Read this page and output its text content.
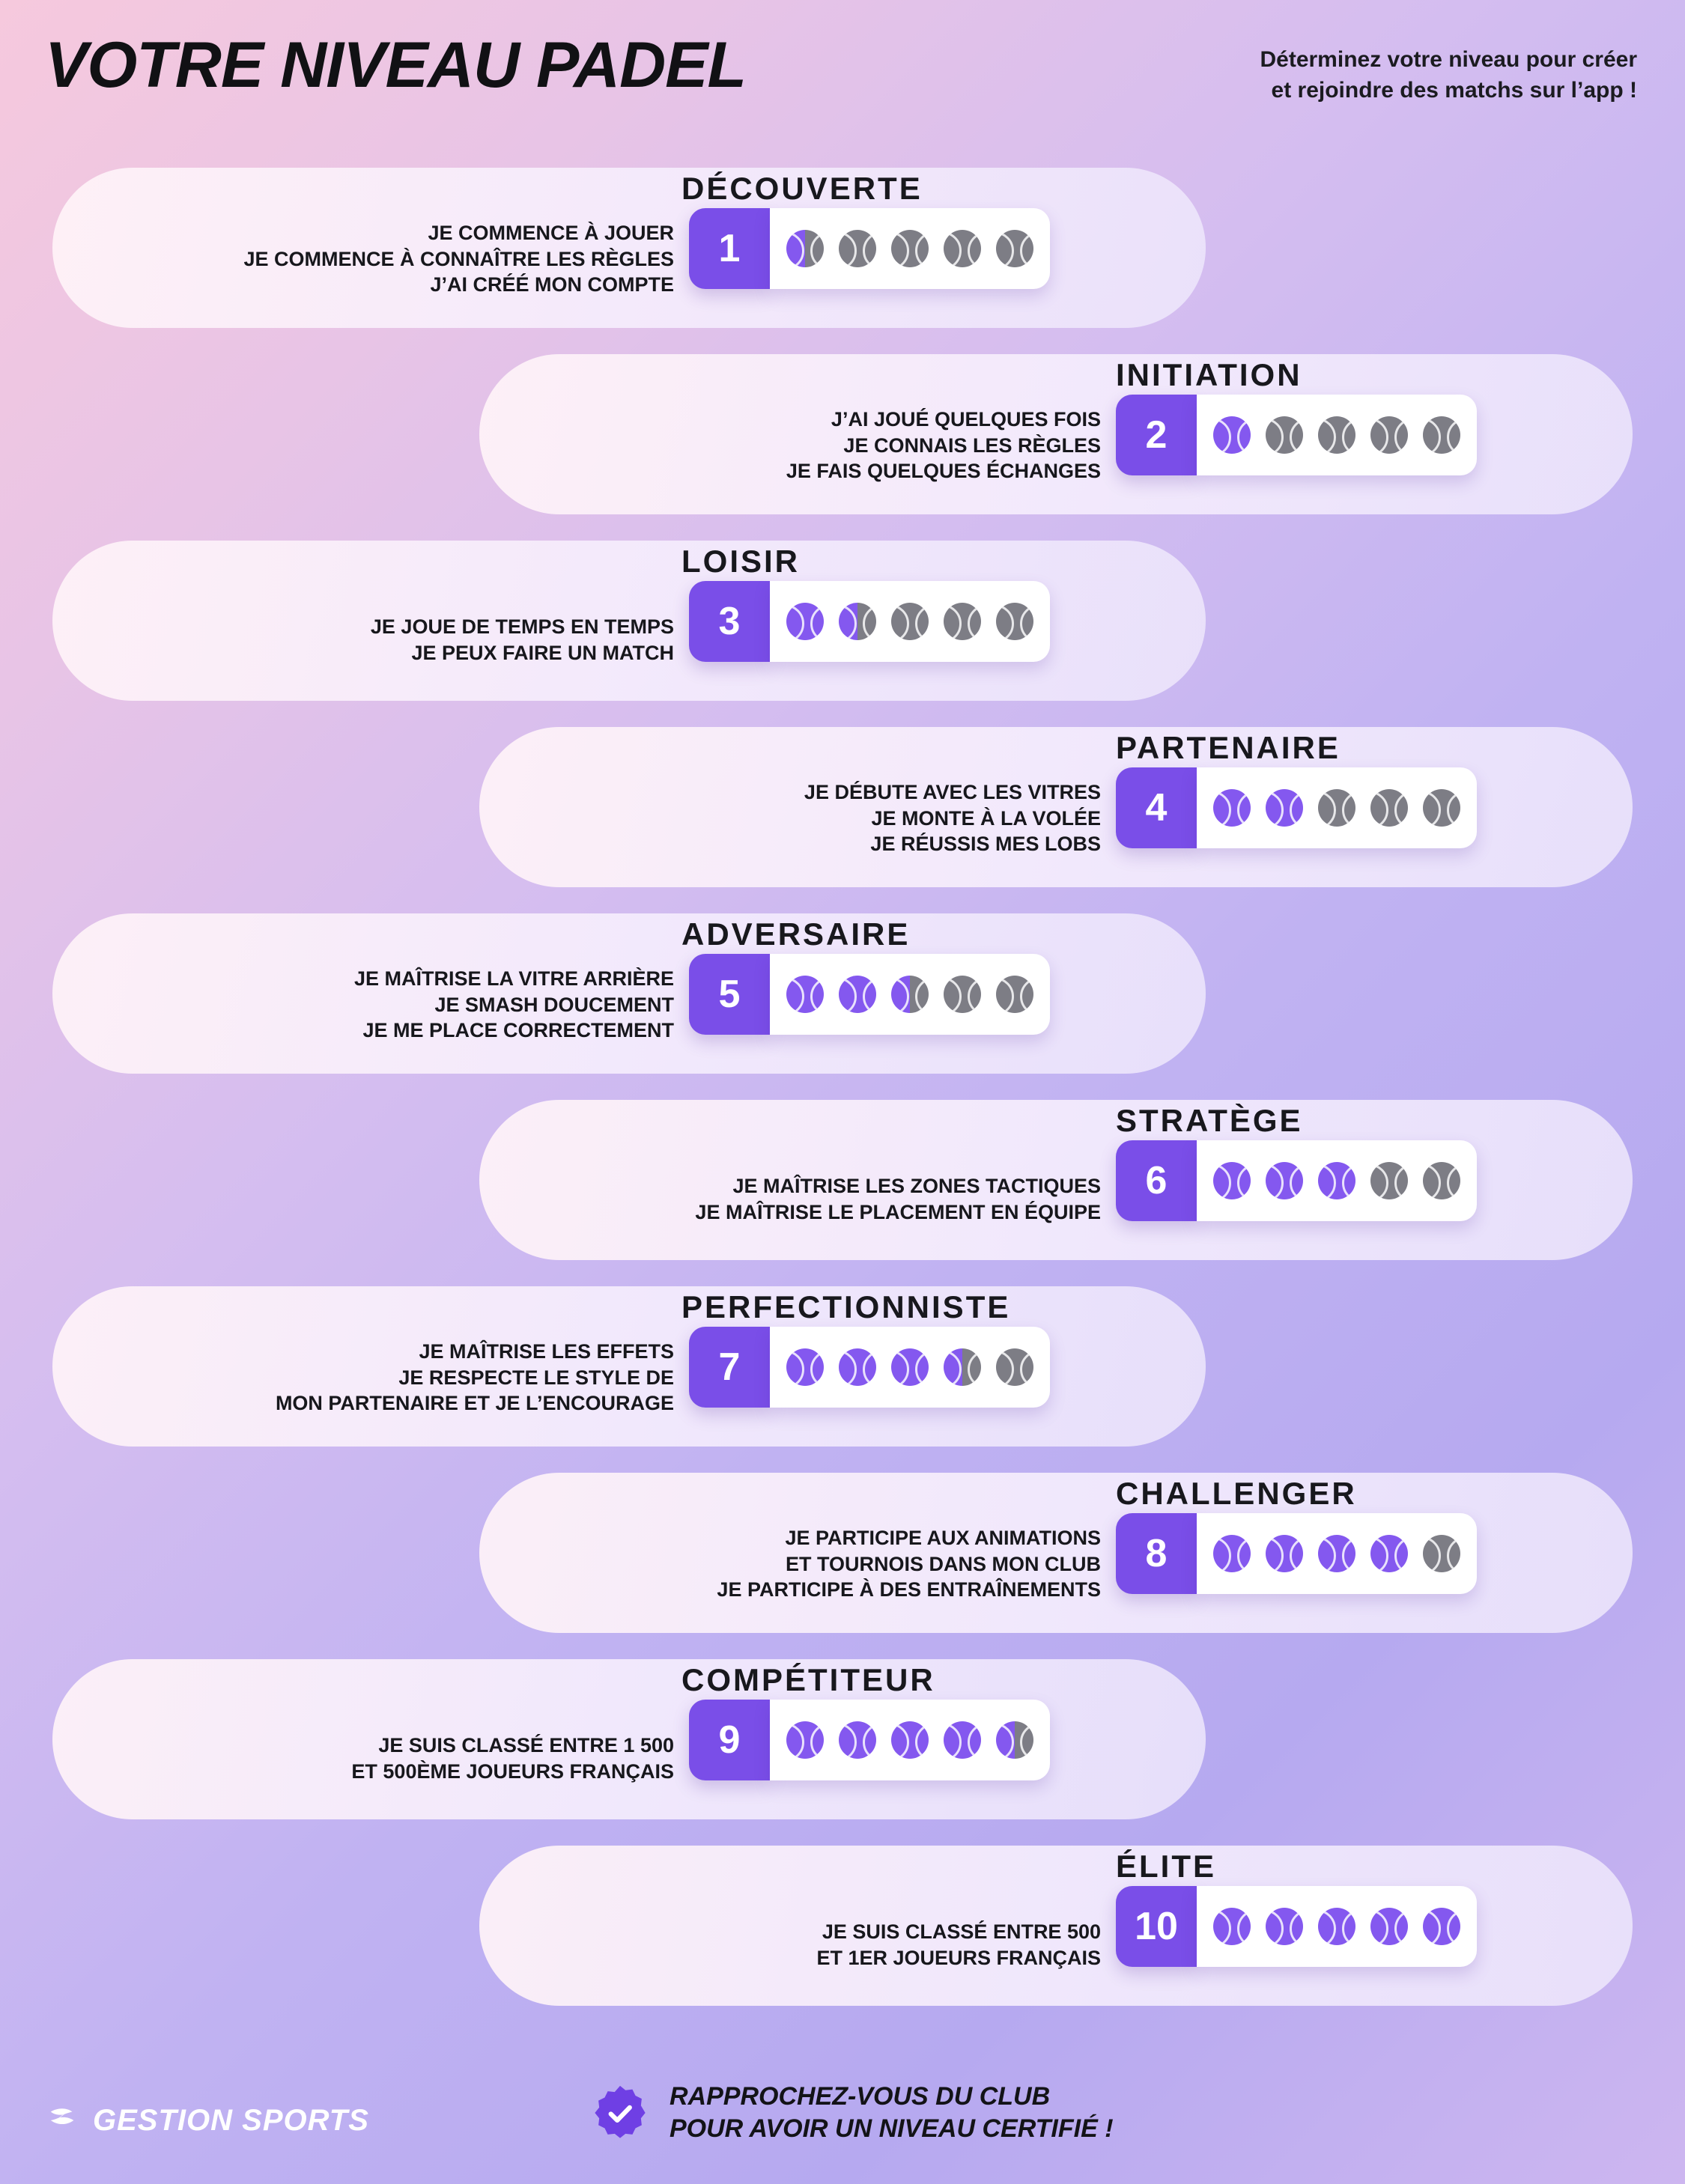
VOTRE NIVEAU PADEL	Déterminez votre niveau pour créer
et rejoindre des matchs sur l’app !
DÉCOUVERTE
JE COMMENCE À JOUER
JE COMMENCE À CONNAÎTRE LES RÈGLES
J’AI CRÉÉ MON COMPTE
1
INITIATION
J’AI JOUÉ QUELQUES FOIS
JE CONNAIS LES RÈGLES
JE FAIS QUELQUES ÉCHANGES
2
LOISIR
JE JOUE DE TEMPS EN TEMPS
JE PEUX FAIRE UN MATCH
3
PARTENAIRE
JE DÉBUTE AVEC LES VITRES
JE MONTE À LA VOLÉE
JE RÉUSSIS MES LOBS
4
ADVERSAIRE
JE MAÎTRISE LA VITRE ARRIÈRE
JE SMASH DOUCEMENT
JE ME PLACE CORRECTEMENT
5
STRATÈGE
JE MAÎTRISE LES ZONES TACTIQUES
JE MAÎTRISE LE PLACEMENT EN ÉQUIPE
6
PERFECTIONNISTE
JE MAÎTRISE LES EFFETS
JE RESPECTE LE STYLE DE
MON PARTENAIRE ET JE L’ENCOURAGE
7
CHALLENGER
JE PARTICIPE AUX ANIMATIONS
ET TOURNOIS DANS MON CLUB
JE PARTICIPE À DES ENTRAÎNEMENTS
8
COMPÉTITEUR
JE SUIS CLASSÉ ENTRE 1 500
ET 500ÈME JOUEURS FRANÇAIS
9
ÉLITE
JE SUIS CLASSÉ ENTRE 500
ET 1ER JOUEURS FRANÇAIS
10
GESTION SPORTS
RAPPROCHEZ-VOUS DU CLUB
POUR AVOIR UN NIVEAU CERTIFIÉ !
